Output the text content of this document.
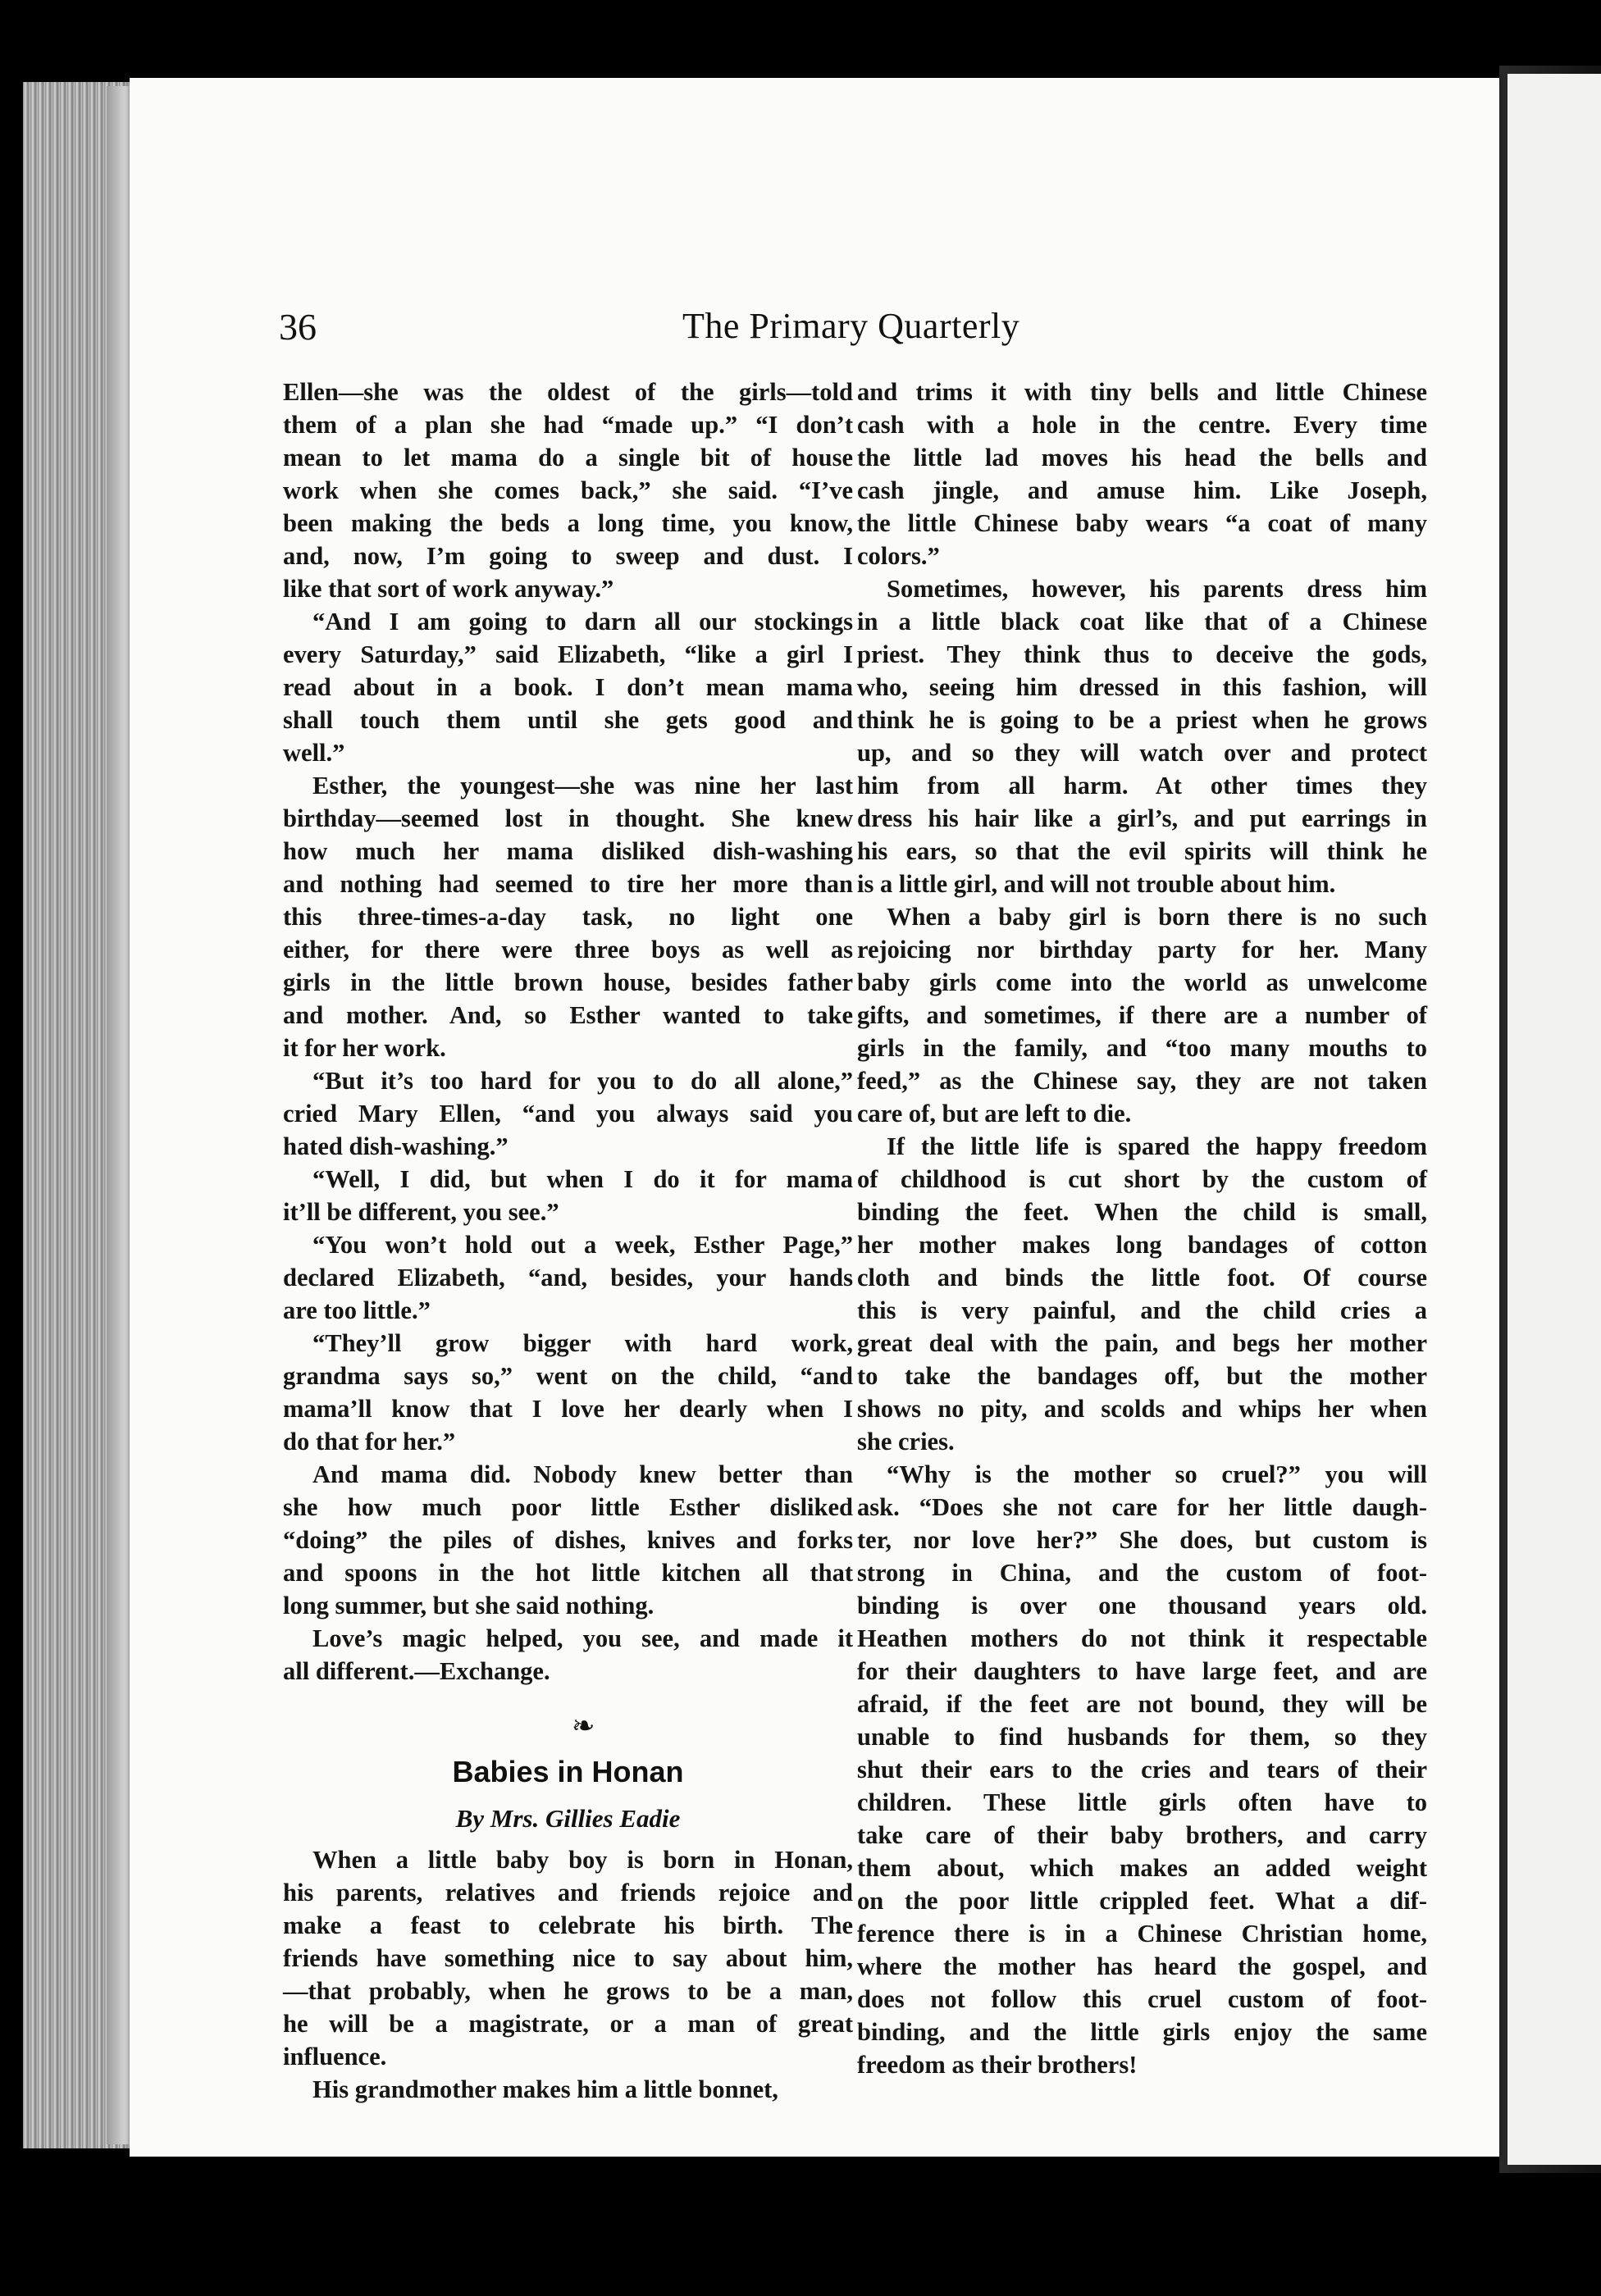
36	The Primary Quarterly

Ellen—she was the oldest of the girls—told
them of a plan she had “made up.” “I don’t
mean to let mama do a single bit of house
work when she comes back,” she said. “I’ve
been making the beds a long time, you know,
and, now, I’m going to sweep and dust. I
like that sort of work anyway.”

“And I am going to darn all our stockings
every Saturday,” said Elizabeth, “like a girl I
read about in a book. I don’t mean mama
shall touch them until she gets good and
well.”

Esther, the youngest—she was nine her last
birthday—seemed lost in thought. She knew
how much her mama disliked dish-washing
and nothing had seemed to tire her more than
this three-times-a-day task, no light one
either, for there were three boys as well as
girls in the little brown house, besides father
and mother. And, so Esther wanted to take
it for her work.

“But it’s too hard for you to do all alone,”
cried Mary Ellen, “and you always said you
hated dish-washing.”

“Well, I did, but when I do it for mama
it’ll be different, you see.”

“You won’t hold out a week, Esther Page,”
declared Elizabeth, “and, besides, your hands
are too little.”

“They’ll grow bigger with hard work,
grandma says so,” went on the child, “and
mama’ll know that I love her dearly when I
do that for her.”

And mama did. Nobody knew better than
she how much poor little Esther disliked
“doing” the piles of dishes, knives and forks
and spoons in the hot little kitchen all that
long summer, but she said nothing.

Love’s magic helped, you see, and made it
all different.—Exchange.

❧
Babies in Honan
By Mrs. Gillies Eadie

When a little baby boy is born in Honan,
his parents, relatives and friends rejoice and
make a feast to celebrate his birth. The
friends have something nice to say about him,
—that probably, when he grows to be a man,
he will be a magistrate, or a man of great
influence.

His grandmother makes him a little bonnet,

and trims it with tiny bells and little Chinese
cash with a hole in the centre. Every time
the little lad moves his head the bells and
cash jingle, and amuse him. Like Joseph,
the little Chinese baby wears “a coat of many
colors.”

Sometimes, however, his parents dress him
in a little black coat like that of a Chinese
priest. They think thus to deceive the gods,
who, seeing him dressed in this fashion, will
think he is going to be a priest when he grows
up, and so they will watch over and protect
him from all harm. At other times they
dress his hair like a girl’s, and put earrings in
his ears, so that the evil spirits will think he
is a little girl, and will not trouble about him.

When a baby girl is born there is no such
rejoicing nor birthday party for her. Many
baby girls come into the world as unwelcome
gifts, and sometimes, if there are a number of
girls in the family, and “too many mouths to
feed,” as the Chinese say, they are not taken
care of, but are left to die.

If the little life is spared the happy freedom
of childhood is cut short by the custom of
binding the feet. When the child is small,
her mother makes long bandages of cotton
cloth and binds the little foot. Of course
this is very painful, and the child cries a
great deal with the pain, and begs her mother
to take the bandages off, but the mother
shows no pity, and scolds and whips her when
she cries.

“Why is the mother so cruel?” you will
ask. “Does she not care for her little daugh-
ter, nor love her?” She does, but custom is
strong in China, and the custom of foot-
binding is over one thousand years old.
Heathen mothers do not think it respectable
for their daughters to have large feet, and are
afraid, if the feet are not bound, they will be
unable to find husbands for them, so they
shut their ears to the cries and tears of their
children. These little girls often have to
take care of their baby brothers, and carry
them about, which makes an added weight
on the poor little crippled feet. What a dif-
ference there is in a Chinese Christian home,
where the mother has heard the gospel, and
does not follow this cruel custom of foot-
binding, and the little girls enjoy the same
freedom as their brothers!
